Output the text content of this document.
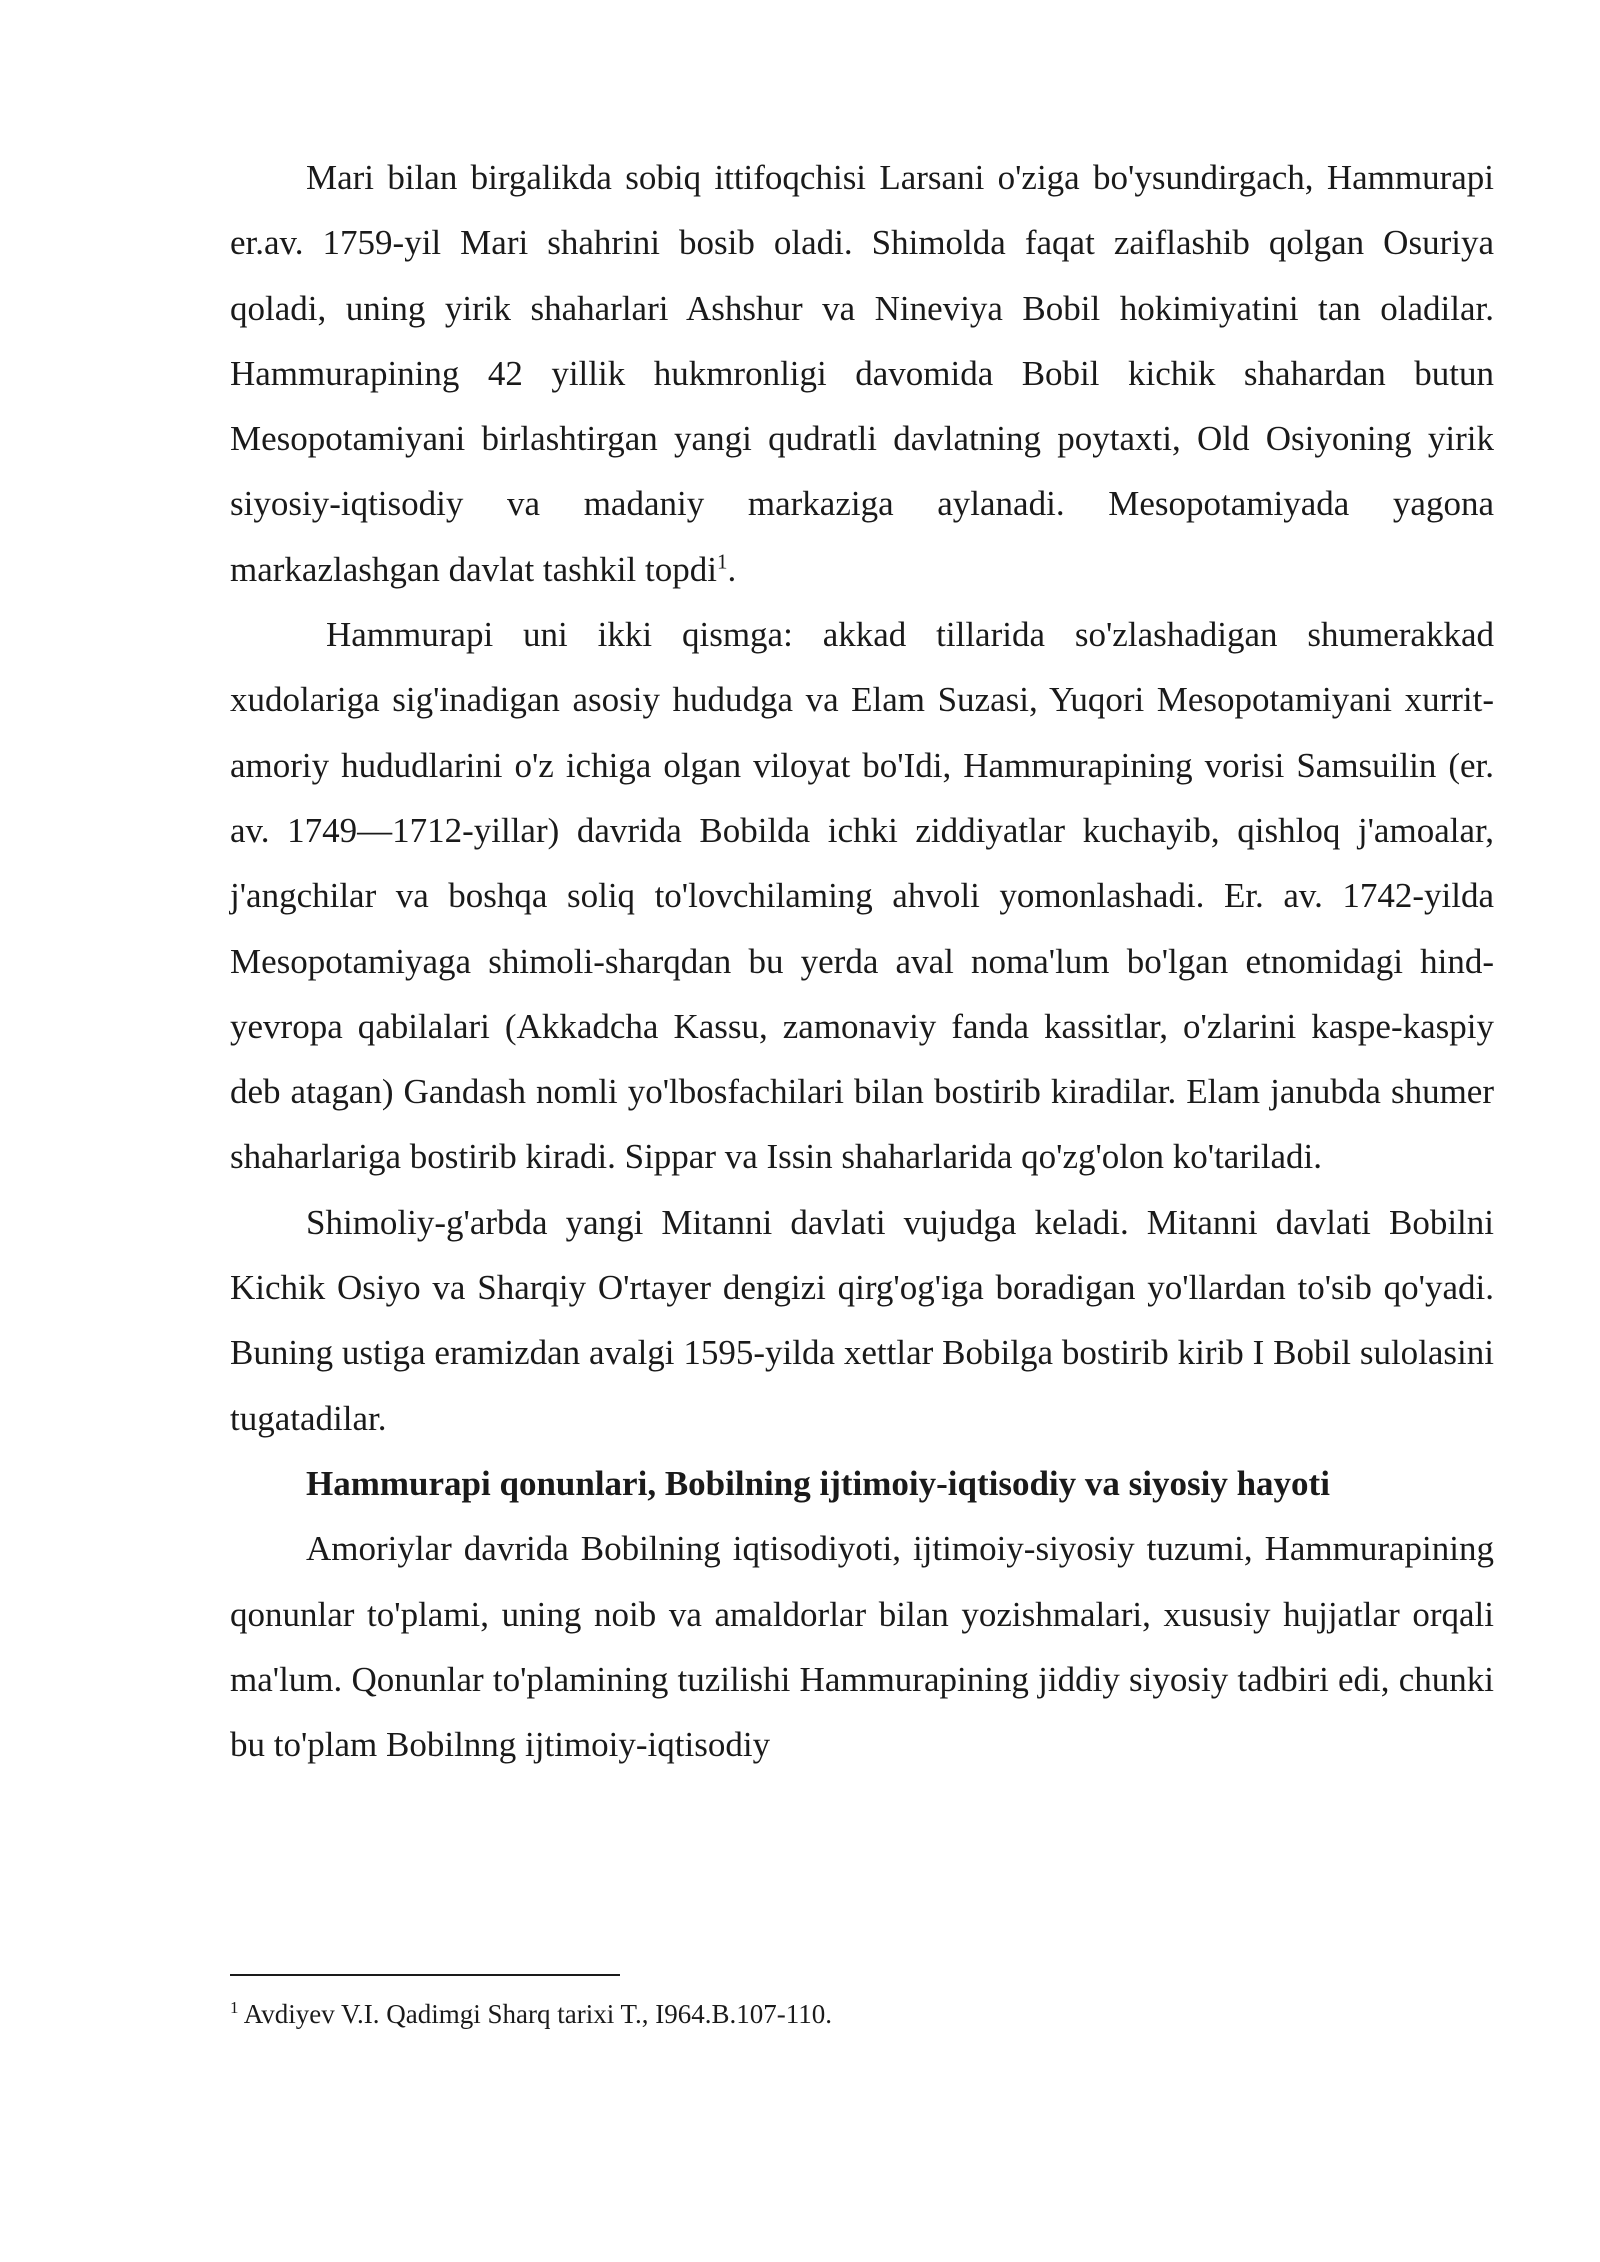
Mari bilan birgalikda sobiq ittifoqchisi Larsani o'ziga bo'ysundirgach, Hammurapi er.av. 1759-yil Mari shahrini bosib oladi. Shimolda faqat zaiflashib qolgan Osuriya qoladi, uning yirik shaharlari Ashshur va Nineviya Bobil hokimiyatini tan oladilar. Hammurapining 42 yillik hukmronligi davomida Bobil kichik shahardan butun Mesopotamiyani birlashtirgan yangi qudratli davlatning poytaxti, Old Osiyoning yirik siyosiy-iqtisodiy va madaniy markaziga aylanadi. Mesopotamiyada yagona markazlashgan davlat tashkil topdi$^1$.

Hammurapi uni ikki qismga: akkad tillarida so'zlashadigan shumerakkad xudolariga sig'inadigan asosiy hududga va Elam Suzasi, Yuqori Mesopotamiyani xurrit-amoriy hududlarini o'z ichiga olgan viloyat bo'Idi, Hammurapining vorisi Samsuilin (er. av. 1749—1712-yillar) davrida Bobilda ichki ziddiyatlar kuchayib, qishloq j'amoalar, j'angchilar va boshqa soliq to'lovchilaming ahvoli yomonlashadi. Er. av. 1742-yilda Mesopotamiyaga shimoli-sharqdan bu yerda aval noma'lum bo'lgan etnomidagi hind-yevropa qabilalari (Akkadcha Kassu, zamonaviy fanda kassitlar, o'zlarini kaspe-kaspiy deb atagan) Gandash nomli yo'lbosfachilari bilan bostirib kiradilar. Elam janubda shumer shaharlariga bostirib kiradi. Sippar va Issin shaharlarida qo'zg'olon ko'tariladi.

Shimoliy-g'arbda yangi Mitanni davlati vujudga keladi. Mitanni davlati Bobilni Kichik Osiyo va Sharqiy O'rtayer dengizi qirg'og'iga boradigan yo'llardan to'sib qo'yadi. Buning ustiga eramizdan avalgi 1595-yilda xettlar Bobilga bostirib kirib I Bobil sulolasini tugatadilar.

Hammurapi qonunlari, Bobilning ijtimoiy-iqtisodiy va siyosiy hayoti

Amoriylar davrida Bobilning iqtisodiyoti, ijtimoiy-siyosiy tuzumi, Hammurapining qonunlar to'plami, uning noib va amaldorlar bilan yozishmalari, xususiy hujjatlar orqali ma'lum. Qonunlar to'plamining tuzilishi Hammurapining jiddiy siyosiy tadbiri edi, chunki bu to'plam Bobilnng ijtimoiy-iqtisodiy

$^1$ Avdiyev V.I. Qadimgi Sharq tarixi T., I964.B.107-110.
